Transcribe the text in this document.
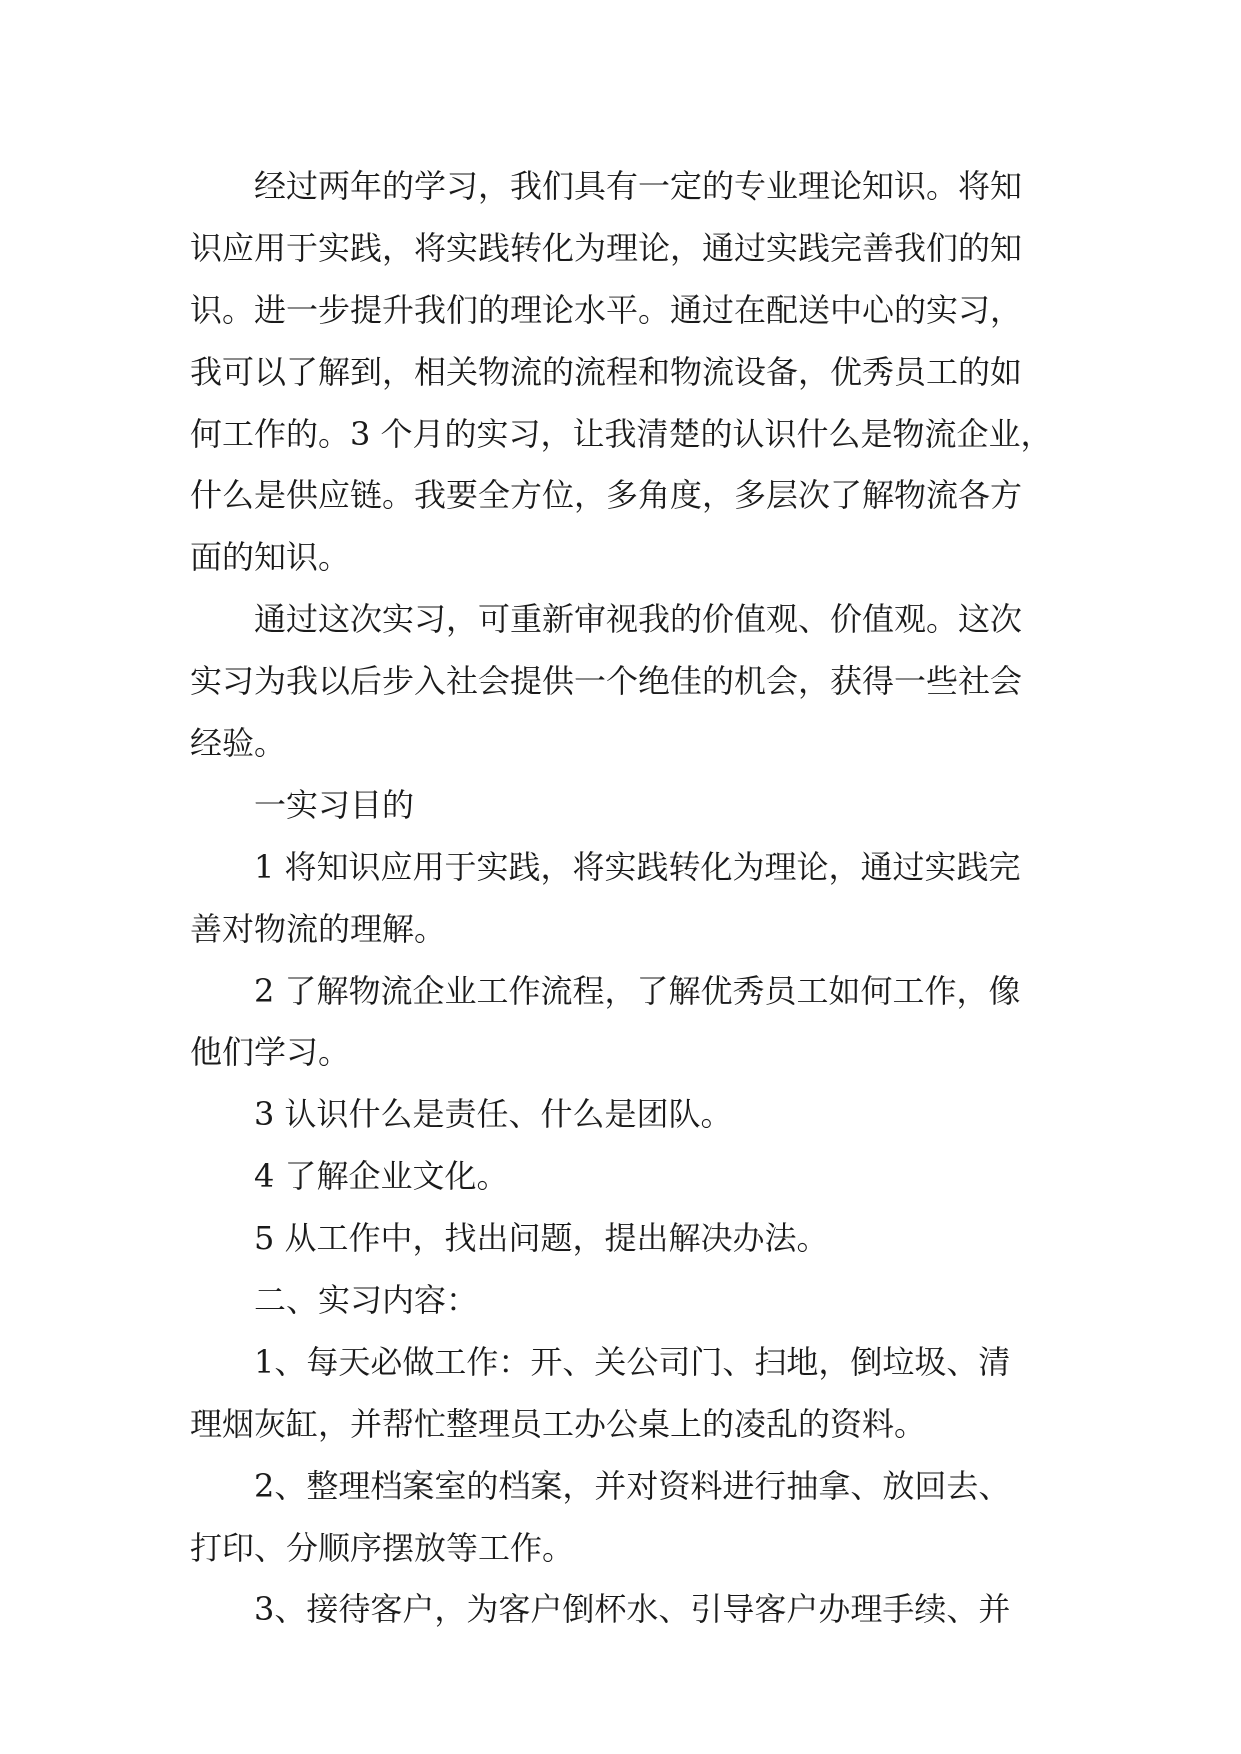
经过两年的学习，我们具有一定的专业理论知识。将知
识应用于实践，将实践转化为理论，通过实践完善我们的知
识。进一步提升我们的理论水平。通过在配送中心的实习，
我可以了解到，相关物流的流程和物流设备，优秀员工的如
何工作的。3 个月的实习，让我清楚的认识什么是物流企业，
什么是供应链。我要全方位，多角度，多层次了解物流各方
面的知识。
通过这次实习，可重新审视我的价值观、价值观。这次
实习为我以后步入社会提供一个绝佳的机会，获得一些社会
经验。
一实习目的
1 将知识应用于实践，将实践转化为理论，通过实践完
善对物流的理解。
2 了解物流企业工作流程，了解优秀员工如何工作，像
他们学习。
3 认识什么是责任、什么是团队。
4 了解企业文化。
5 从工作中，找出问题，提出解决办法。
二、实习内容：
1、每天必做工作：开、关公司门、扫地，倒垃圾、清
理烟灰缸，并帮忙整理员工办公桌上的凌乱的资料。
2、整理档案室的档案，并对资料进行抽拿、放回去、
打印、分顺序摆放等工作。
3、接待客户，为客户倒杯水、引导客户办理手续、并
